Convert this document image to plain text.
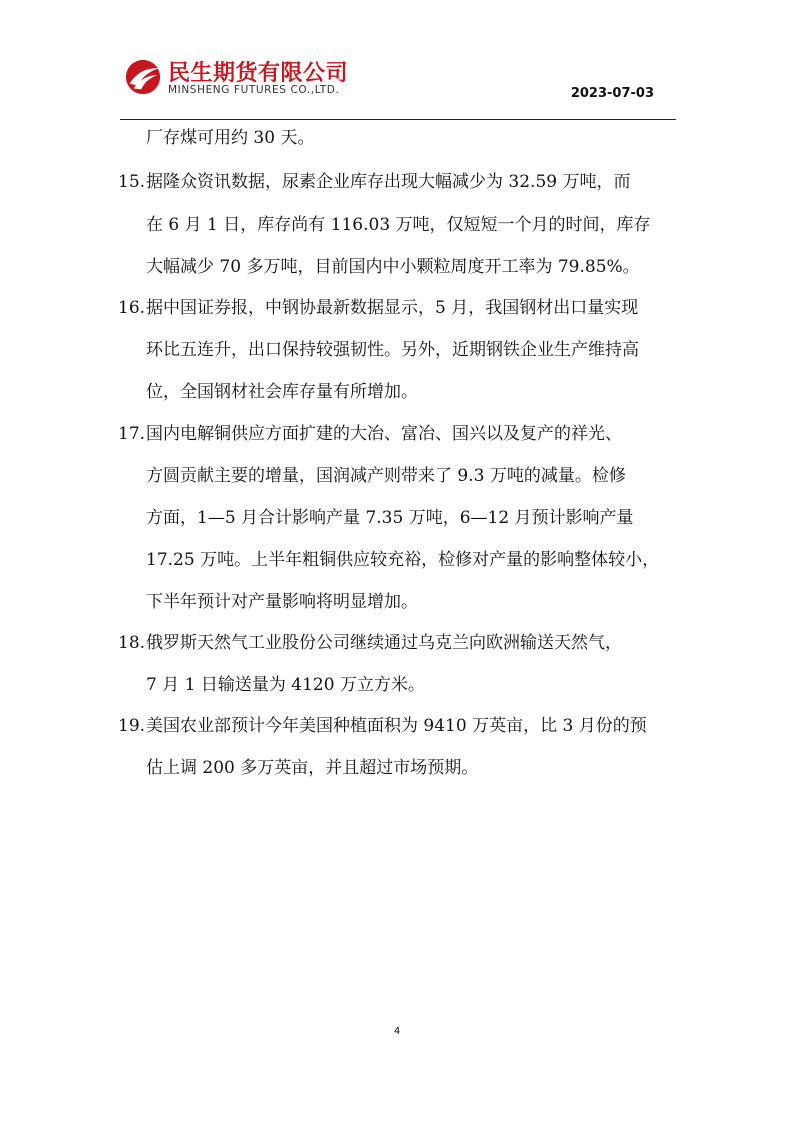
民生期货有限公司
MINSHENG FUTURES CO.,LTD.	2023-07-03
厂存煤可用约 30 天。
15. 据隆众资讯数据，尿素企业库存出现大幅减少为 32.59 万吨，而
在 6 月 1 日，库存尚有 116.03 万吨，仅短短一个月的时间，库存
大幅减少 70 多万吨，目前国内中小颗粒周度开工率为 79.85%。
16. 据中国证券报，中钢协最新数据显示，5 月，我国钢材出口量实现
环比五连升，出口保持较强韧性。另外，近期钢铁企业生产维持高
位，全国钢材社会库存量有所增加。
17. 国内电解铜供应方面扩建的大冶、富冶、国兴以及复产的祥光、
方圆贡献主要的增量，国润减产则带来了 9.3 万吨的减量。检修
方面，1—5 月合计影响产量 7.35 万吨，6—12 月预计影响产量
17.25 万吨。上半年粗铜供应较充裕，检修对产量的影响整体较小，
下半年预计对产量影响将明显增加。
18. 俄罗斯天然气工业股份公司继续通过乌克兰向欧洲输送天然气，
7 月 1 日输送量为 4120 万立方米。
19. 美国农业部预计今年美国种植面积为 9410 万英亩，比 3 月份的预
估上调 200 多万英亩，并且超过市场预期。
4
